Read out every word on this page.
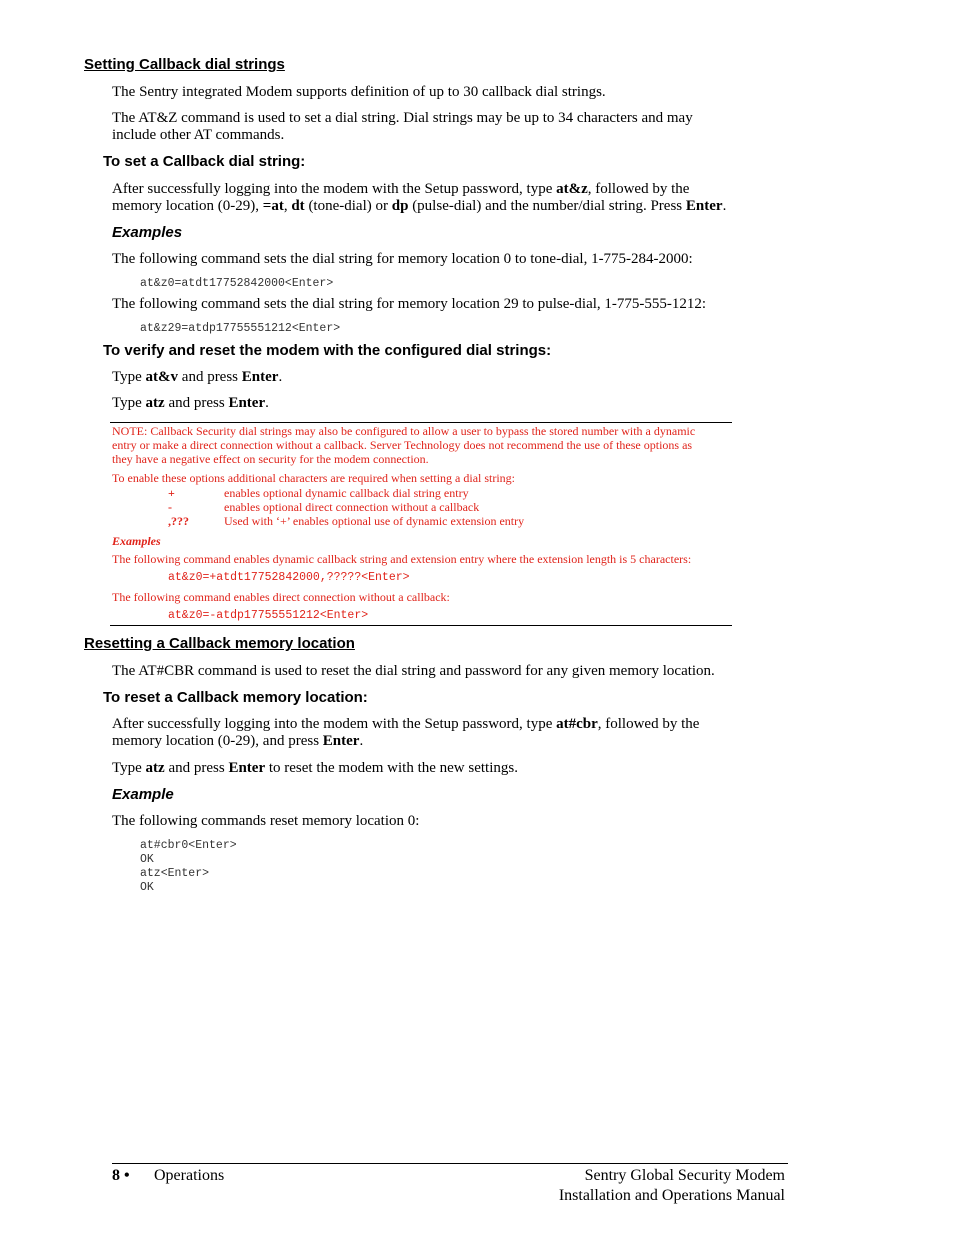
Setting Callback dial strings
The Sentry integrated Modem supports definition of up to 30 callback dial strings.
The AT&Z command is used to set a dial string. Dial strings may be up to 34 characters and may
include other AT commands.
To set a Callback dial string:
After successfully logging into the modem with the Setup password, type at&z, followed by the
memory location (0-29), =at, dt (tone-dial) or dp (pulse-dial) and the number/dial string. Press Enter.
Examples
The following command sets the dial string for memory location 0 to tone-dial, 1-775-284-2000:
at&z0=atdt17752842000<Enter>
The following command sets the dial string for memory location 29 to pulse-dial, 1-775-555-1212:
at&z29=atdp17755551212<Enter>
To verify and reset the modem with the configured dial strings:
Type at&v and press Enter.
Type atz and press Enter.
NOTE: Callback Security dial strings may also be configured to allow a user to bypass the stored number with a dynamic
entry or make a direct connection without a callback. Server Technology does not recommend the use of these options as
they have a negative effect on security for the modem connection.
To enable these options additional characters are required when setting a dial string:
+	enables optional dynamic callback dial string entry
-	enables optional direct connection without a callback
,???	Used with ‘+’ enables optional use of dynamic extension entry
Examples
The following command enables dynamic callback string and extension entry where the extension length is 5 characters:
at&z0=+atdt17752842000,?????<Enter>
The following command enables direct connection without a callback:
at&z0=-atdp17755551212<Enter>
Resetting a Callback memory location
The AT#CBR command is used to reset the dial string and password for any given memory location.
To reset a Callback memory location:
After successfully logging into the modem with the Setup password, type at#cbr, followed by the
memory location (0-29), and press Enter.
Type atz and press Enter to reset the modem with the new settings.
Example
The following commands reset memory location 0:
at#cbr0<Enter>
OK
atz<Enter>
OK
8 • Operations	Sentry Global Security Modem
Installation and Operations Manual
